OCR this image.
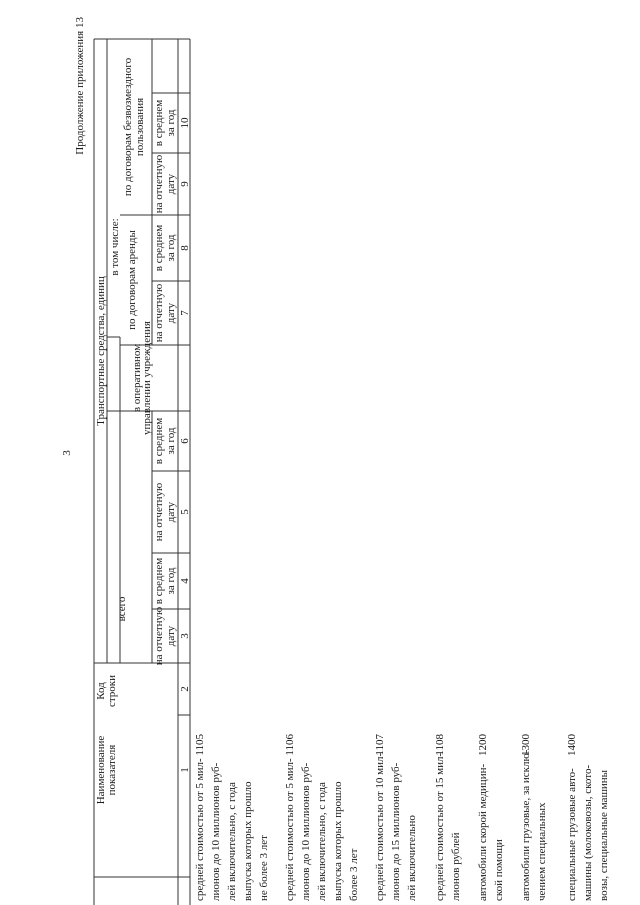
3
Продолжение приложения 13
Наименование показателя
Код строки
Транспортные средства, единиц
всего
в том числе:
в оперативном
управлении учреждения
по договорам аренды
по договорам безвозмездного пользования
на отчетную дату
в среднем за год
на отчетную дату
в среднем за год
на отчетную дату
в среднем за год
на отчетную дату
в среднем за год
1
2
3
4
5
6
7
8
9
10
1105
средней стоимостью от 5 мил- лионов до 10 миллионов руб- лей включительно, с года выпуска которых прошло не более 3 лет
1106
средней стоимостью от 5 мил- лионов до 10 миллионов руб- лей включительно, с года выпуска которых прошло более 3 лет
1107
средней стоимостью от 10 мил- лионов до 15 миллионов руб- лей включительно
1108
средней стоимостью от 15 мил- лионов рублей
1200
автомобили скорой медицин- ской помощи
1300
автомобили грузовые, за исклю- чением специальных
1400
специальные грузовые авто- машины (молоковозы, ското- возы, специальные машины
